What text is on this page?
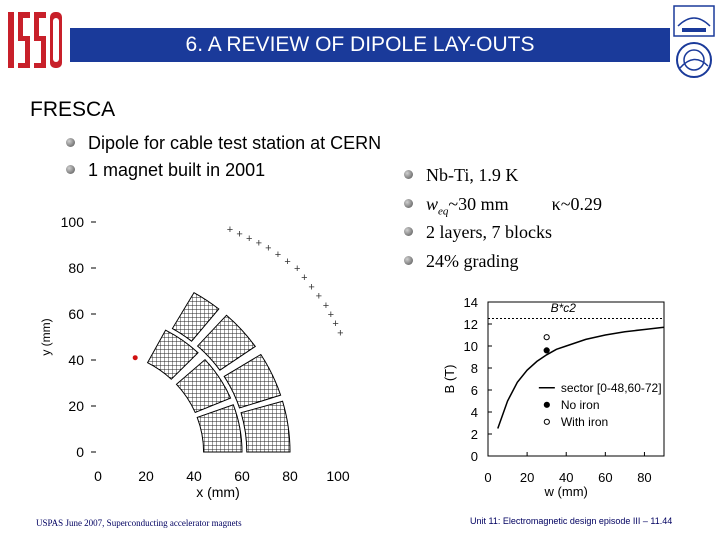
6. A REVIEW OF DIPOLE LAY-OUTS
FRESCA
Dipole for cable test station at CERN
1 magnet built in 2001	Nb-Ti, 1.9 K
$w_{eq}\sim 30$ mm κ~0.29
2 layers, 7 blocks
24% grading
0
20
40
60
80
100
0	20 40 60 80 100
x (mm)
y (mm)
+ + + + +
+
+
+
+
+
+
+
+
+
+
0
2
4
6
8
10
12
14
0 20 40 60 80
w (mm)
B (T)
B*c2
sector [0-48,60-72]
No iron
With iron
USPAS June 2007, Superconducting accelerator magnets	Unit 11: Electromagnetic design episode III – 11.44
